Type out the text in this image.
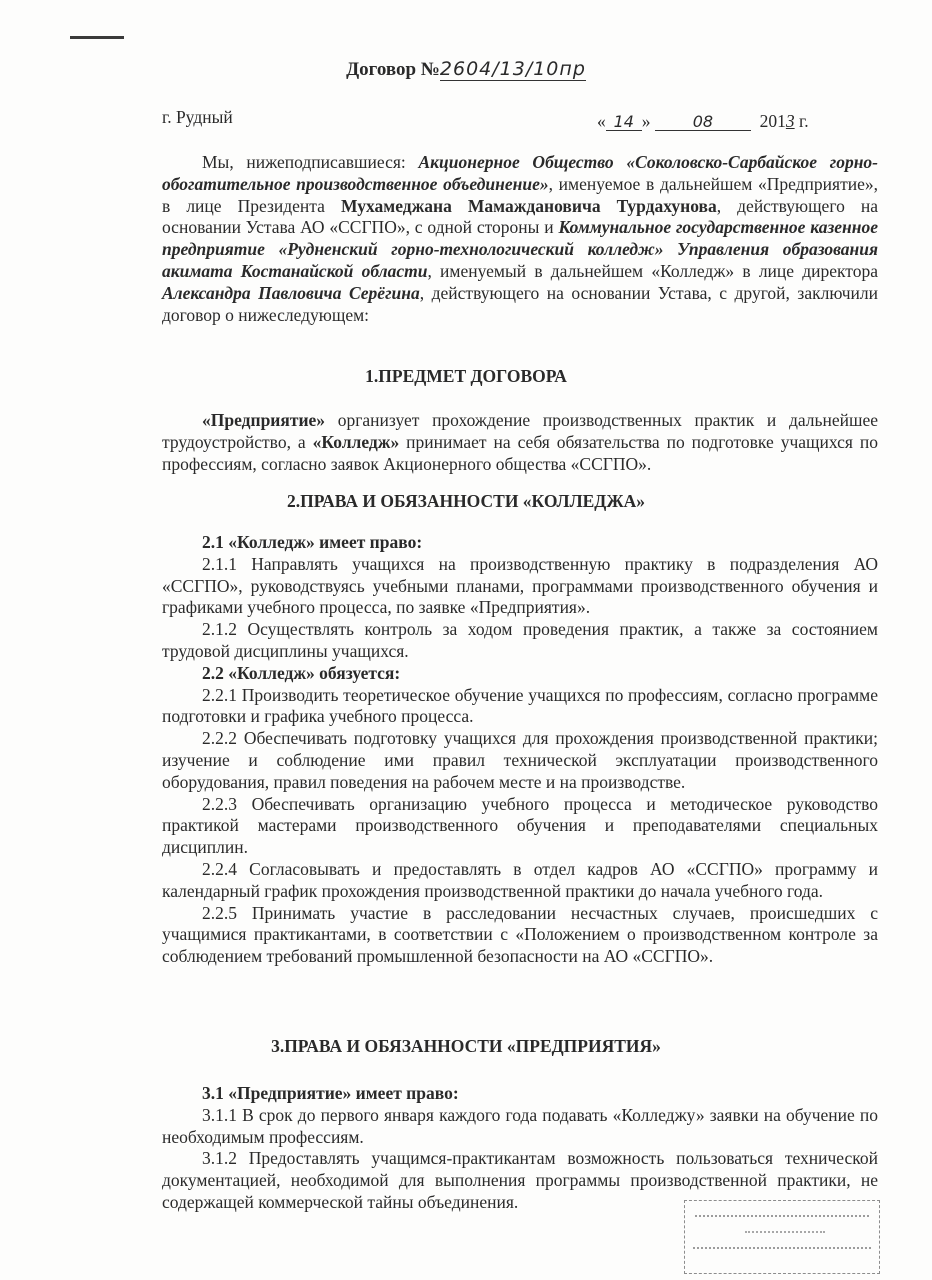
Договор №2604/13/10пр
г. Рудный	« 14 »	08	2013 г.

Мы, нижеподписавшиеся: Акционерное Общество «Соколовско-Сарбайское горно-обогатительное производственное объединение», именуемое в дальнейшем «Предприятие», в лице Президента Мухамеджана Мамаждановича Турдахунова, действующего на основании Устава АО «ССГПО», с одной стороны и Коммунальное государственное казенное предприятие «Рудненский горно-технологический колледж» Управления образования акимата Костанайской области, именуемый в дальнейшем «Колледж» в лице директора Александра Павловича Серёгина, действующего на основании Устава, с другой, заключили договор о нижеследующем:

1.ПРЕДМЕТ ДОГОВОРА

«Предприятие» организует прохождение производственных практик и дальнейшее трудоустройство, а «Колледж» принимает на себя обязательства по подготовке учащихся по профессиям, согласно заявок Акционерного общества «ССГПО».

2.ПРАВА И ОБЯЗАННОСТИ «КОЛЛЕДЖА»

2.1 «Колледж» имеет право:

2.1.1 Направлять учащихся на производственную практику в подразделения АО «ССГПО», руководствуясь учебными планами, программами производственного обучения и графиками учебного процесса, по заявке «Предприятия».

2.1.2 Осуществлять контроль за ходом проведения практик, а также за состоянием трудовой дисциплины учащихся.

2.2 «Колледж» обязуется:

2.2.1 Производить теоретическое обучение учащихся по профессиям, согласно программе подготовки и графика учебного процесса.

2.2.2 Обеспечивать подготовку учащихся для прохождения производственной практики; изучение и соблюдение ими правил технической эксплуатации производственного оборудования, правил поведения на рабочем месте и на производстве.

2.2.3 Обеспечивать организацию учебного процесса и методическое руководство практикой мастерами производственного обучения и преподавателями специальных дисциплин.

2.2.4 Согласовывать и предоставлять в отдел кадров АО «ССГПО» программу и календарный график прохождения производственной практики до начала учебного года.

2.2.5 Принимать участие в расследовании несчастных случаев, происшедших с учащимися практикантами, в соответствии с «Положением о производственном контроле за соблюдением требований промышленной безопасности на АО «ССГПО».

3.ПРАВА И ОБЯЗАННОСТИ «ПРЕДПРИЯТИЯ»

3.1 «Предприятие» имеет право:

3.1.1 В срок до первого января каждого года подавать «Колледжу» заявки на обучение по необходимым профессиям.

3.1.2 Предоставлять учащимся-практикантам возможность пользоваться технической документацией, необходимой для выполнения программы производственной практики, не содержащей коммерческой тайны объединения.
